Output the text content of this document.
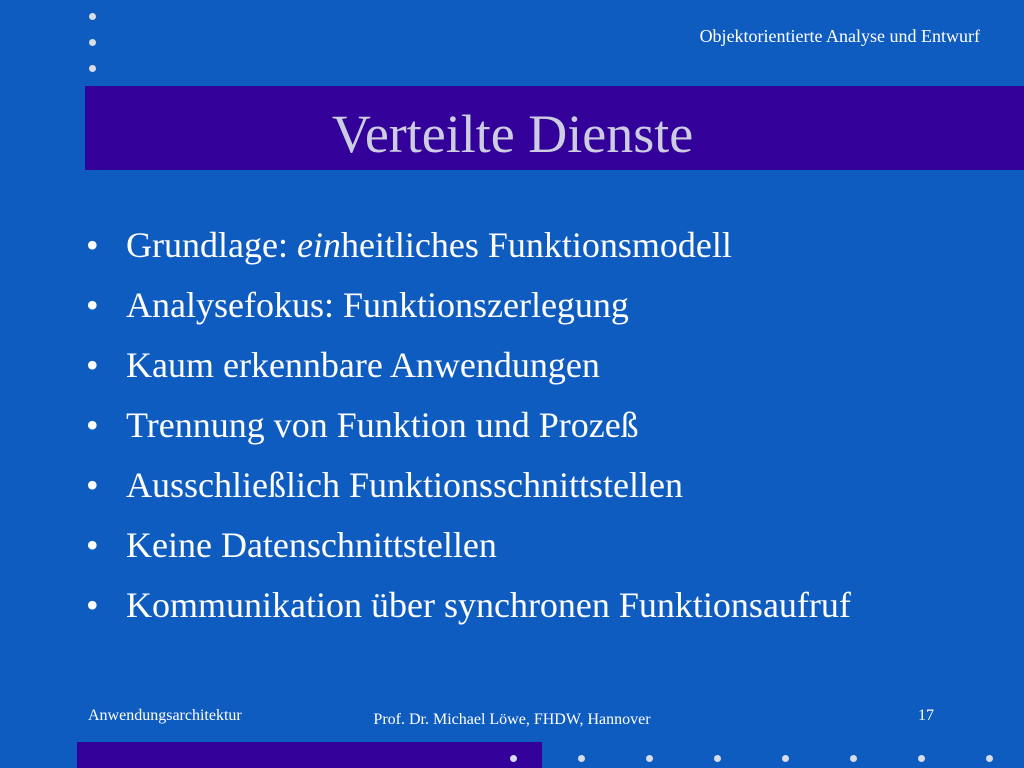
Objektorientierte Analyse und Entwurf
Verteilte Dienste
• Grundlage: einheitliches Funktionsmodell
• Analysefokus: Funktionszerlegung
• Kaum erkennbare Anwendungen
• Trennung von Funktion und Prozeß
• Ausschließlich Funktionsschnittstellen
• Keine Datenschnittstellen
• Kommunikation über synchronen Funktionsaufruf
Anwendungsarchitektur	Prof. Dr. Michael Löwe, FHDW, Hannover	17
